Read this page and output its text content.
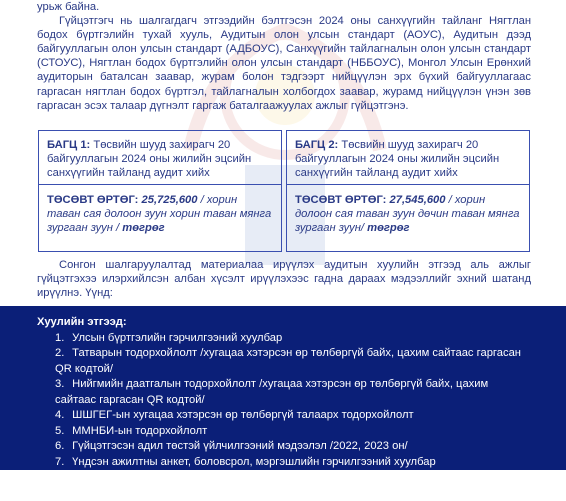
урьж байна.

Гүйцэтгэгч нь шалгагдагч этгээдийн бэлтгэсэн 2024 оны санхүүгийн тайланг Нягтлан бодох бүртгэлийн тухай хууль, Аудитын олон улсын стандарт (АОУС), Аудитын дээд байгууллагын олон улсын стандарт (АДБОУС), Санхүүгийн тайлагналын олон улсын стандарт (СТОУС), Нягтлан бодох бүртгэлийн олон улсын стандарт (НББОУС), Монгол Улсын Ерөнхий аудиторын баталсан заавар, журам болон тэдгээрт нийцүүлэн эрх бүхий байгууллагаас гаргасан нягтлан бодох бүртгэл, тайлагналын холбогдох заавар, журамд нийцүүлэн үнэн зөв гаргасан эсэх талаар дүгнэлт гаргаж баталгаажуулах ажлыг гүйцэтгэнэ.

БАГЦ 1: Төсвийн шууд захирагч 20 байгууллагын 2024 оны жилийн эцсийн санхүүгийн тайланд аудит хийх
ТӨСӨВТ ӨРТӨГ: 25,725,600 / хорин таван сая долоон зуун хорин таван мянга зургаан зуун / төгрөг
БАГЦ 2: Төсвийн шууд захирагч 20 байгууллагын 2024 оны жилийн эцсийн санхүүгийн тайланд аудит хийх
ТӨСӨВТ ӨРТӨГ: 27,545,600 / хорин долоон сая таван зуун дөчин таван мянга зургаан зуун/ төгрөг

Сонгон шалгаруулалтад материалаа ирүүлэх аудитын хуулийн этгээд аль ажлыг гүйцэтгэхээ илэрхийлсэн албан хүсэлт ирүүлэхээс гадна дараах мэдээллийг эхний шатанд ирүүлнэ. Үүнд:

Хуулийн этгээд:
1. Улсын бүртгэлийн гэрчилгээний хуулбар
2. Татварын тодорхойлолт /хугацаа хэтэрсэн өр төлбөргүй байх, цахим сайтаас гаргасан QR кодтой/
3. Нийгмийн даатгалын тодорхойлолт /хугацаа хэтэрсэн өр төлбөргүй байх, цахим сайтаас гаргасан QR кодтой/
4. ШШГЕГ-ын хугацаа хэтэрсэн өр төлбөргүй талаарх тодорхойлолт
5. ММНБИ-ын тодорхойлолт
6. Гүйцэтгэсэн адил төстэй үйлчилгээний мэдээлэл /2022, 2023 он/
7. Үндсэн ажилтны анкет, боловсрол, мэргэшлийн гэрчилгээний хуулбар
8. Үндсэн ажилтны нийгмийн даатгалын цахим лавлагаа /сүүлийн 1 жилээр/
9. Санхүүгийн тайлан /2022, 2023 он/
